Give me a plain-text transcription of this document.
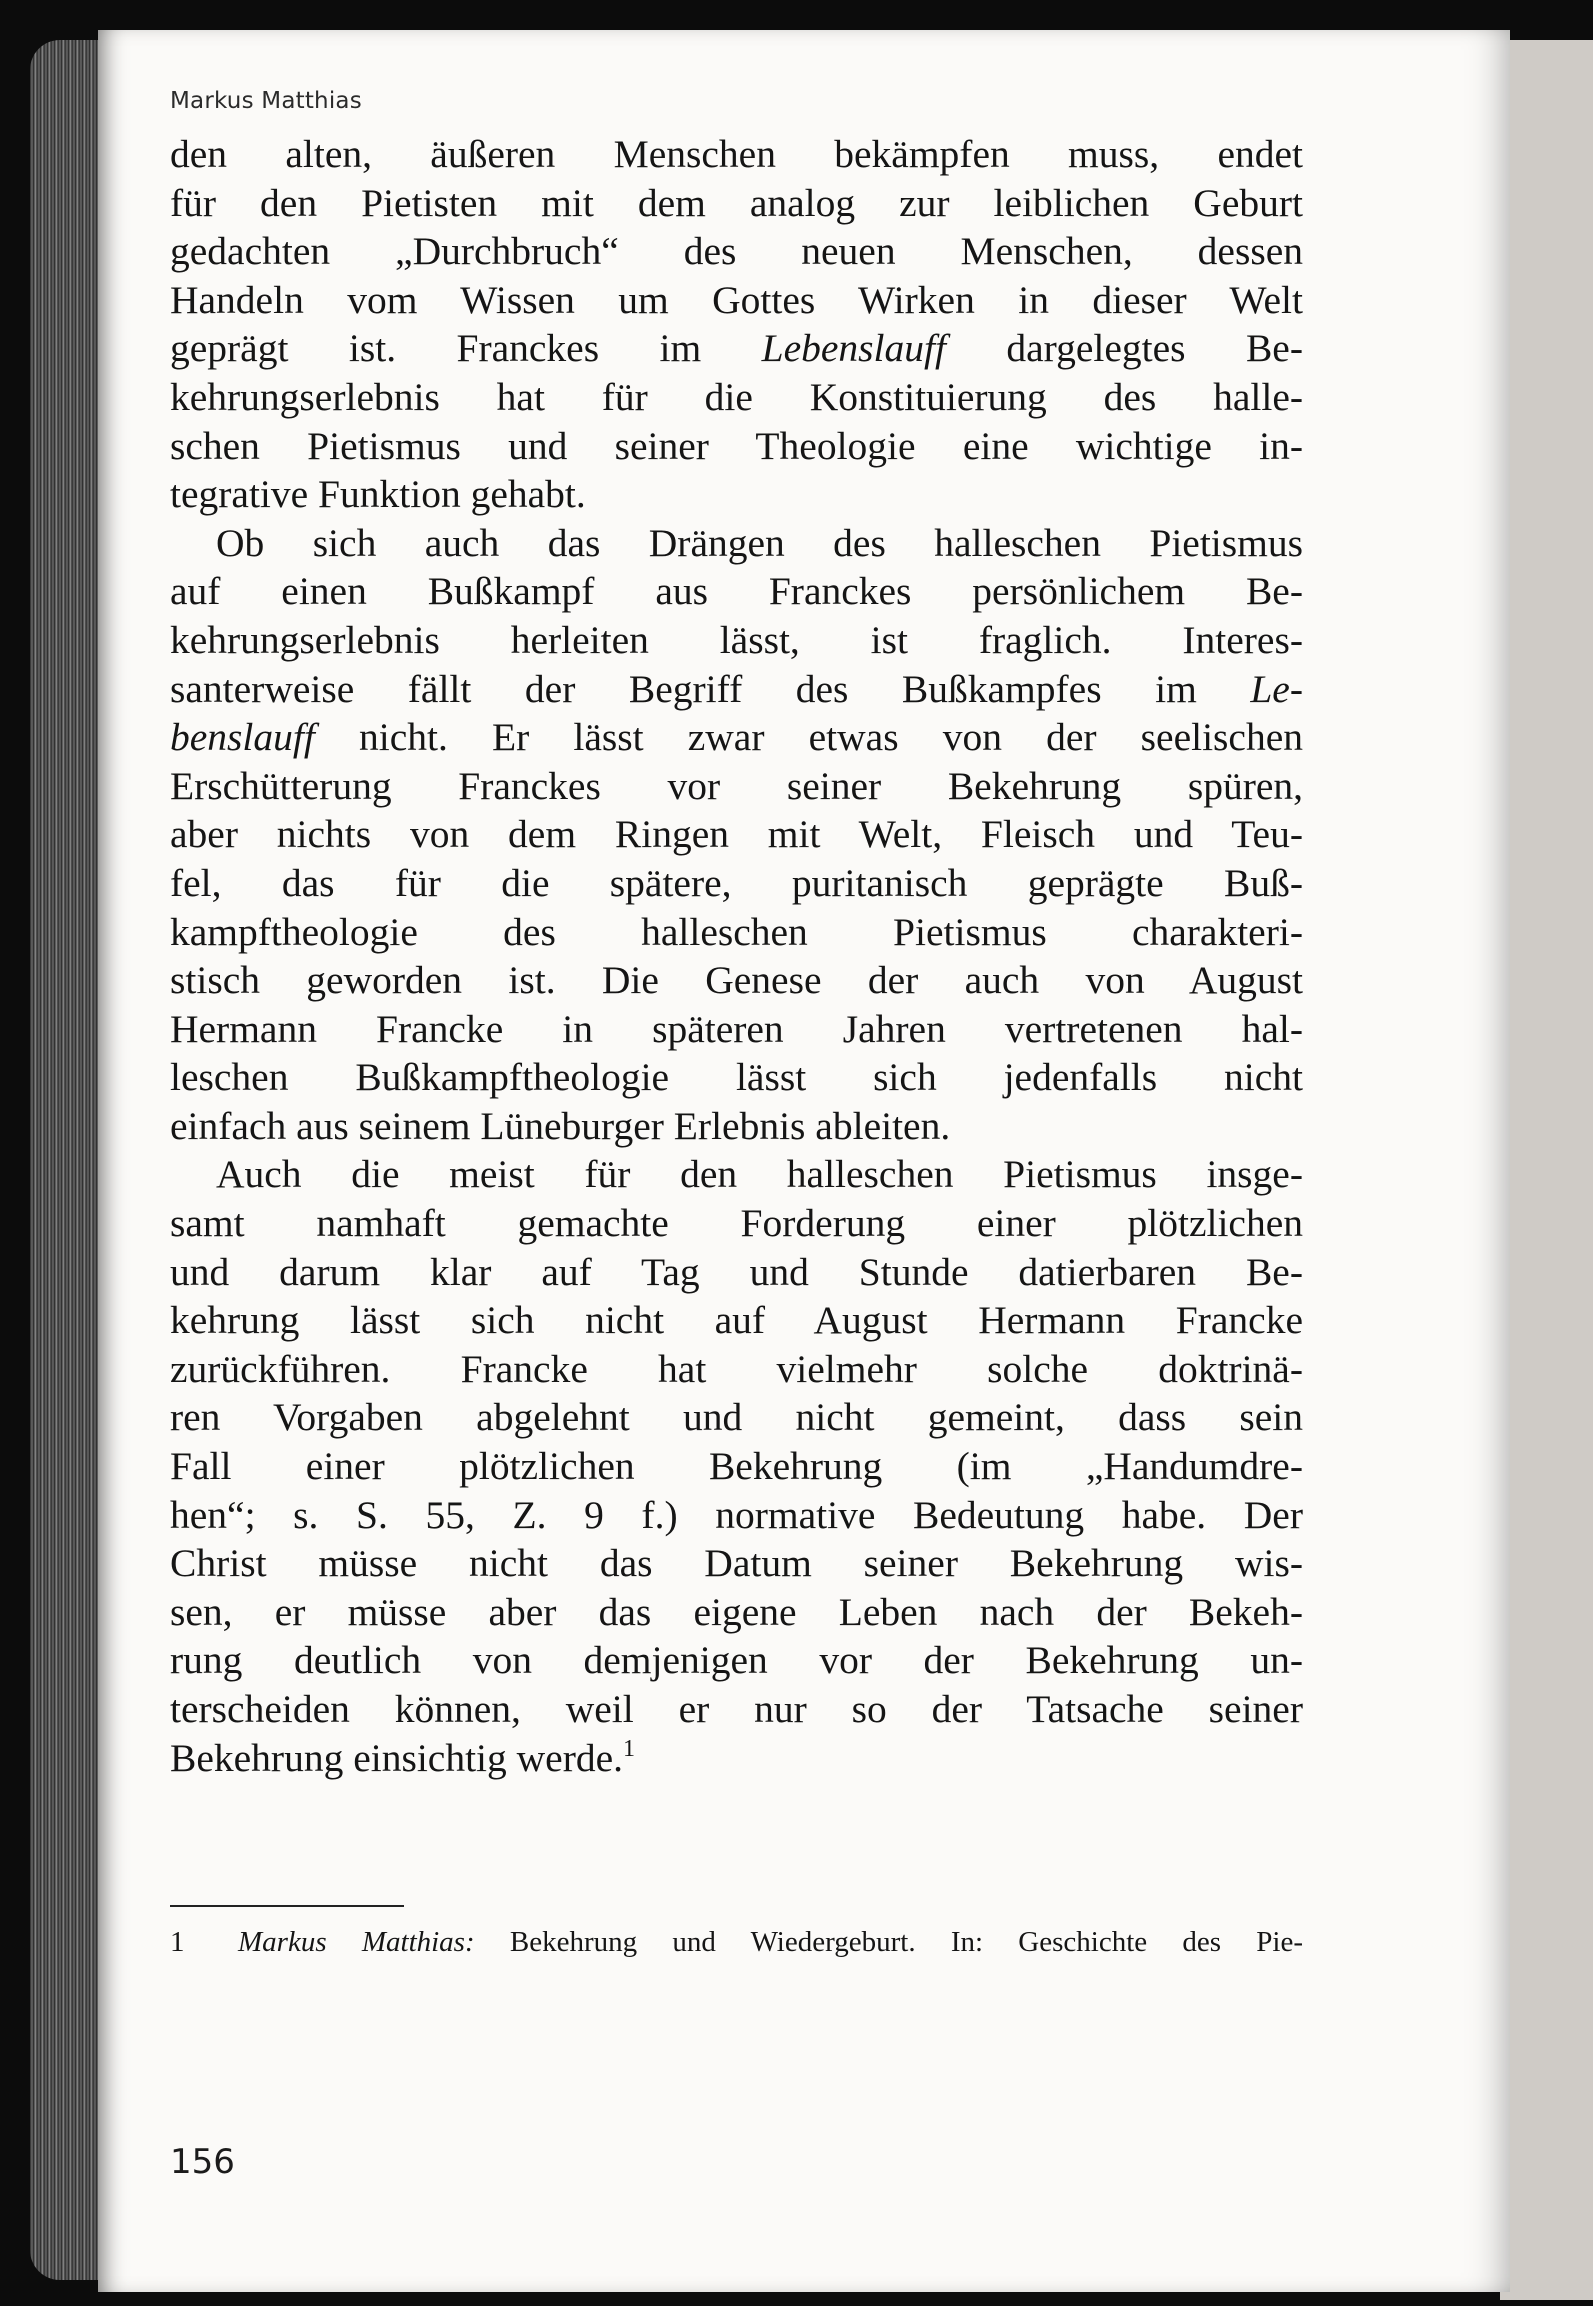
Markus Matthias

den alten, äußeren Menschen bekämpfen muss, endet
für den Pietisten mit dem analog zur leiblichen Geburt
gedachten „Durchbruch“ des neuen Menschen, dessen
Handeln vom Wissen um Gottes Wirken in dieser Welt
geprägt ist. Franckes im Lebenslauff dargelegtes Be-
kehrungserlebnis hat für die Konstituierung des halle-
schen Pietismus und seiner Theologie eine wichtige in-
tegrative Funktion gehabt.
Ob sich auch das Drängen des halleschen Pietismus
auf einen Bußkampf aus Franckes persönlichem Be-
kehrungserlebnis herleiten lässt, ist fraglich. Interes-
santerweise fällt der Begriff des Bußkampfes im Le-
benslauff nicht. Er lässt zwar etwas von der seelischen
Erschütterung Franckes vor seiner Bekehrung spüren,
aber nichts von dem Ringen mit Welt, Fleisch und Teu-
fel, das für die spätere, puritanisch geprägte Buß-
kampftheologie des halleschen Pietismus charakteri-
stisch geworden ist. Die Genese der auch von August
Hermann Francke in späteren Jahren vertretenen hal-
leschen Bußkampftheologie lässt sich jedenfalls nicht
einfach aus seinem Lüneburger Erlebnis ableiten.
Auch die meist für den halleschen Pietismus insge-
samt namhaft gemachte Forderung einer plötzlichen
und darum klar auf Tag und Stunde datierbaren Be-
kehrung lässt sich nicht auf August Hermann Francke
zurückführen. Francke hat vielmehr solche doktrinä-
ren Vorgaben abgelehnt und nicht gemeint, dass sein
Fall einer plötzlichen Bekehrung (im „Handumdre-
hen“; s. S. 55, Z. 9 f.) normative Bedeutung habe. Der
Christ müsse nicht das Datum seiner Bekehrung wis-
sen, er müsse aber das eigene Leben nach der Bekeh-
rung deutlich von demjenigen vor der Bekehrung un-
terscheiden können, weil er nur so der Tatsache seiner
Bekehrung einsichtig werde.$^1$
1 Markus Matthias: Bekehrung und Wiedergeburt. In: Geschichte des Pie-

156
